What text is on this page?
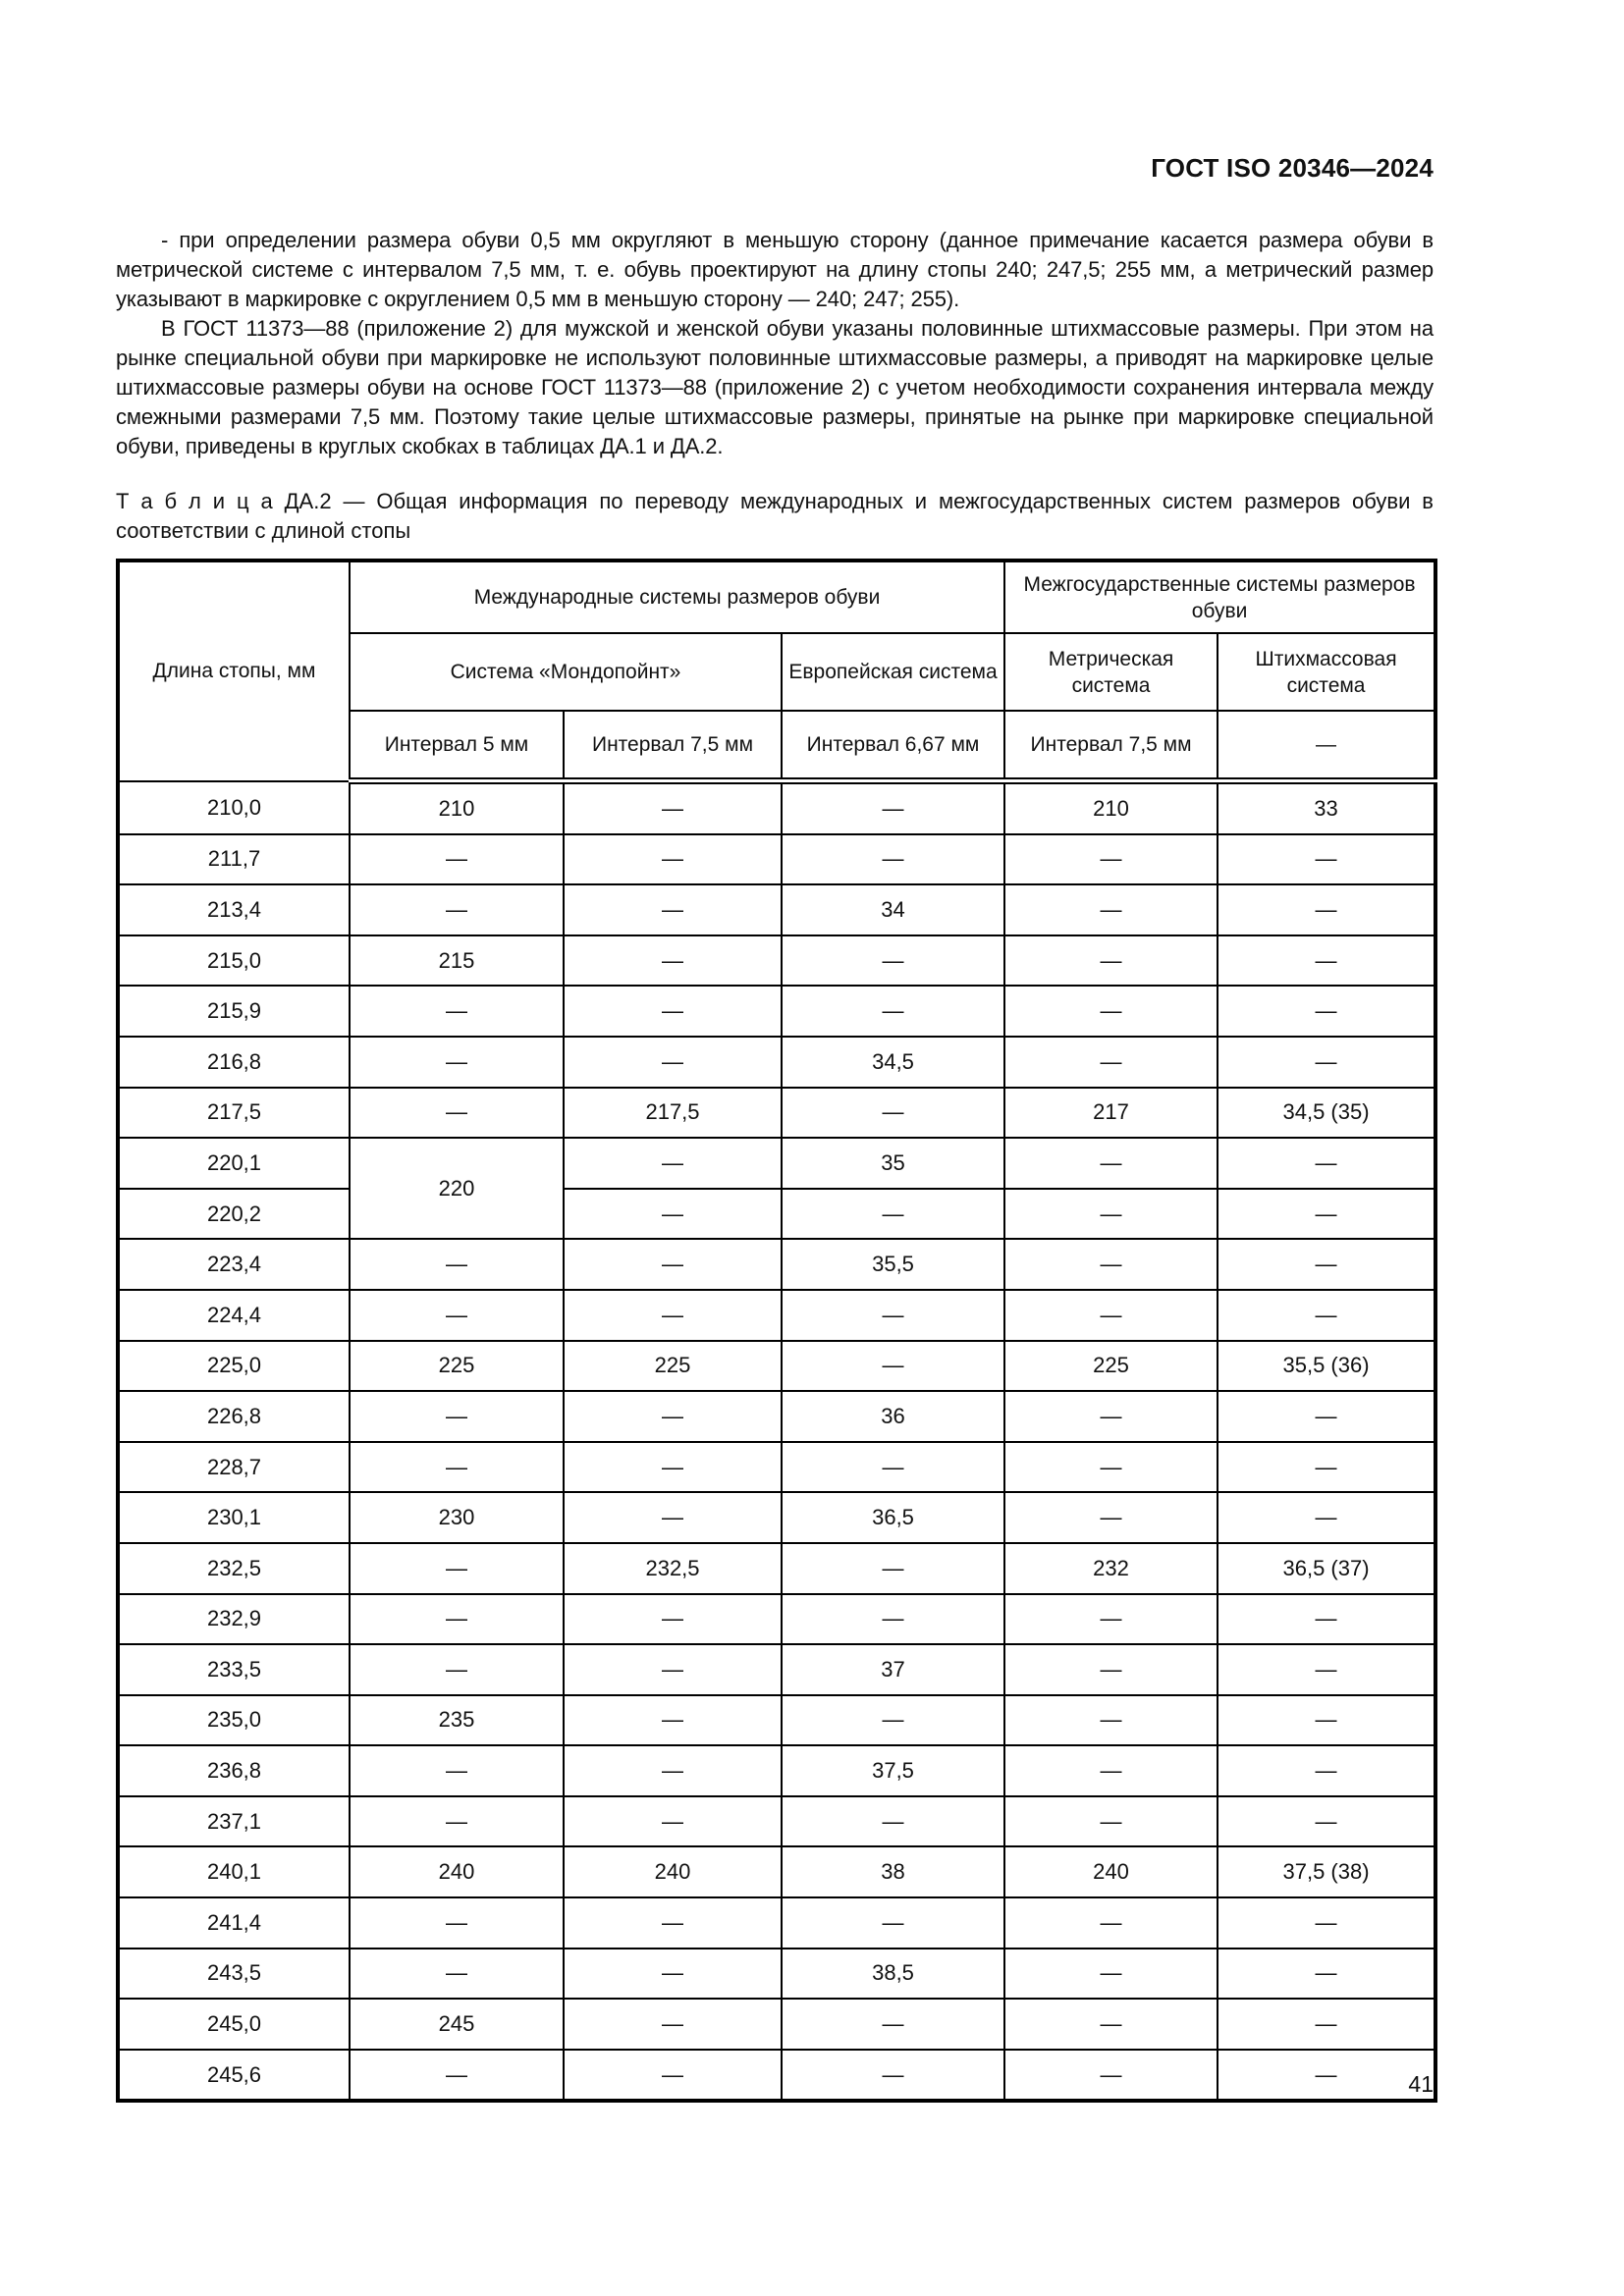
ГОСТ ISO 20346—2024

- при определении размера обуви 0,5 мм округляют в меньшую сторону (данное примечание касается размера обуви в метрической системе с интервалом 7,5 мм, т. е. обувь проектируют на длину стопы 240; 247,5; 255 мм, а метрический размер указывают в маркировке с округлением 0,5 мм в меньшую сторону — 240; 247; 255).

В ГОСТ 11373—88 (приложение 2) для мужской и женской обуви указаны половинные штихмассовые размеры. При этом на рынке специальной обуви при маркировке не используют половинные штихмассовые размеры, а приводят на маркировке целые штихмассовые размеры обуви на основе ГОСТ 11373—88 (приложение 2) с учетом необходимости сохранения интервала между смежными размерами 7,5 мм. Поэтому такие целые штихмассовые размеры, принятые на рынке при маркировке специальной обуви, приведены в круглых скобках в таблицах ДА.1 и ДА.2.

Т а б л и ц а ДА.2 — Общая информация по переводу международных и межгосударственных систем размеров обуви в соответствии с длиной стопы

Длина стопы, мм	Международные системы размеров обуви			Межгосударственные системы размеров обуви	
	Система «Мондопойнт»		Европейская система	Метрическая система	Штихмассовая система
	Интервал 5 мм	Интервал 7,5 мм	Интервал 6,67 мм	Интервал 7,5 мм	—
210,0	210	—	—	210	33
211,7	—	—	—	—	—
213,4	—	—	34	—	—
215,0	215	—	—	—	—
215,9	—	—	—	—	—
216,8	—	—	34,5	—	—
217,5	—	217,5	—	217	34,5 (35)
220,1	220	—	35	—	—
220,2		—	—	—	—
223,4	—	—	35,5	—	—
224,4	—	—	—	—	—
225,0	225	225	—	225	35,5 (36)
226,8	—	—	36	—	—
228,7	—	—	—	—	—
230,1	230	—	36,5	—	—
232,5	—	232,5	—	232	36,5 (37)
232,9	—	—	—	—	—
233,5	—	—	37	—	—
235,0	235	—	—	—	—
236,8	—	—	37,5	—	—
237,1	—	—	—	—	—
240,1	240	240	38	240	37,5 (38)
241,4	—	—	—	—	—
243,5	—	—	38,5	—	—
245,0	245	—	—	—	—
245,6	—	—	—	—	—	41
